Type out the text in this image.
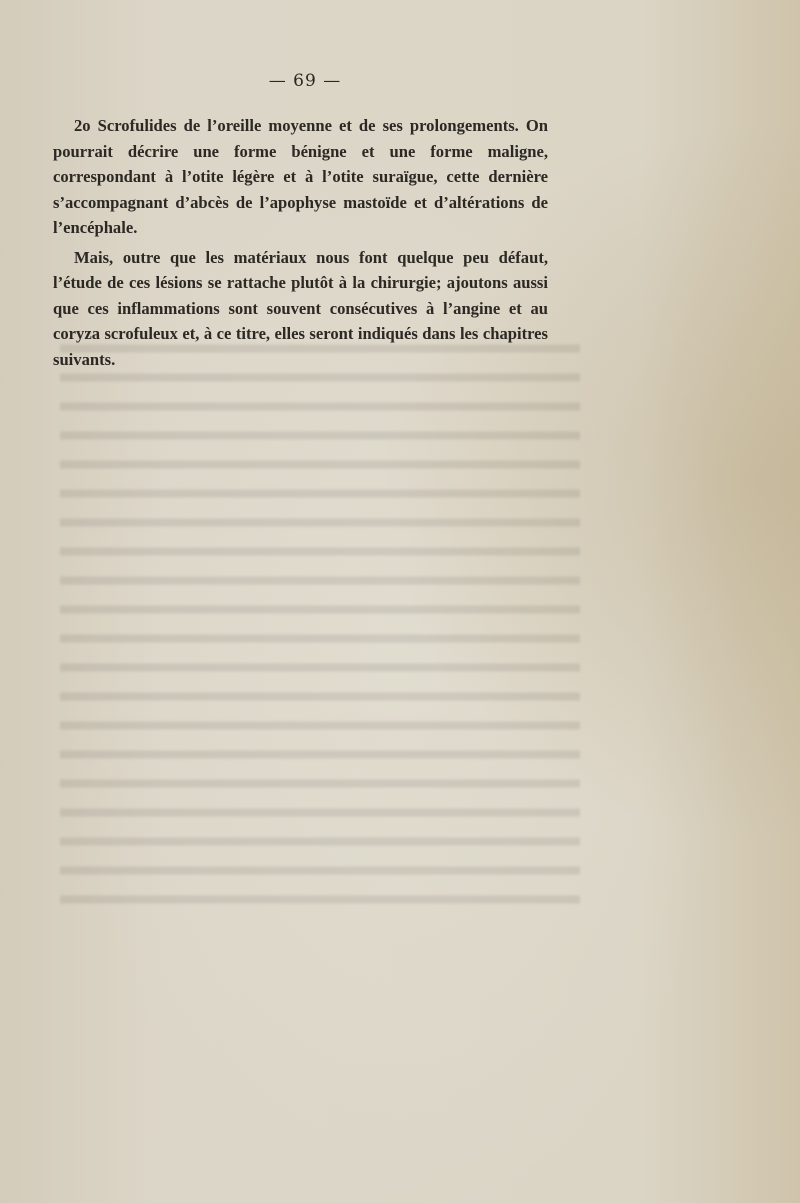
— 69 —

2o Scrofulides de l’oreille moyenne et de ses prolongements. On pourrait décrire une forme bénigne et une forme maligne, correspondant à l’otite légère et à l’otite suraïgue, cette dernière s’accompagnant d’abcès de l’apophyse mastoïde et d’altérations de l’encéphale.

Mais, outre que les matériaux nous font quelque peu défaut, l’étude de ces lésions se rattache plutôt à la chirurgie; ajoutons aussi que ces inflammations sont souvent consécutives à l’angine et au coryza scrofuleux et, à ce titre, elles seront indiqués dans les chapitres suivants.
